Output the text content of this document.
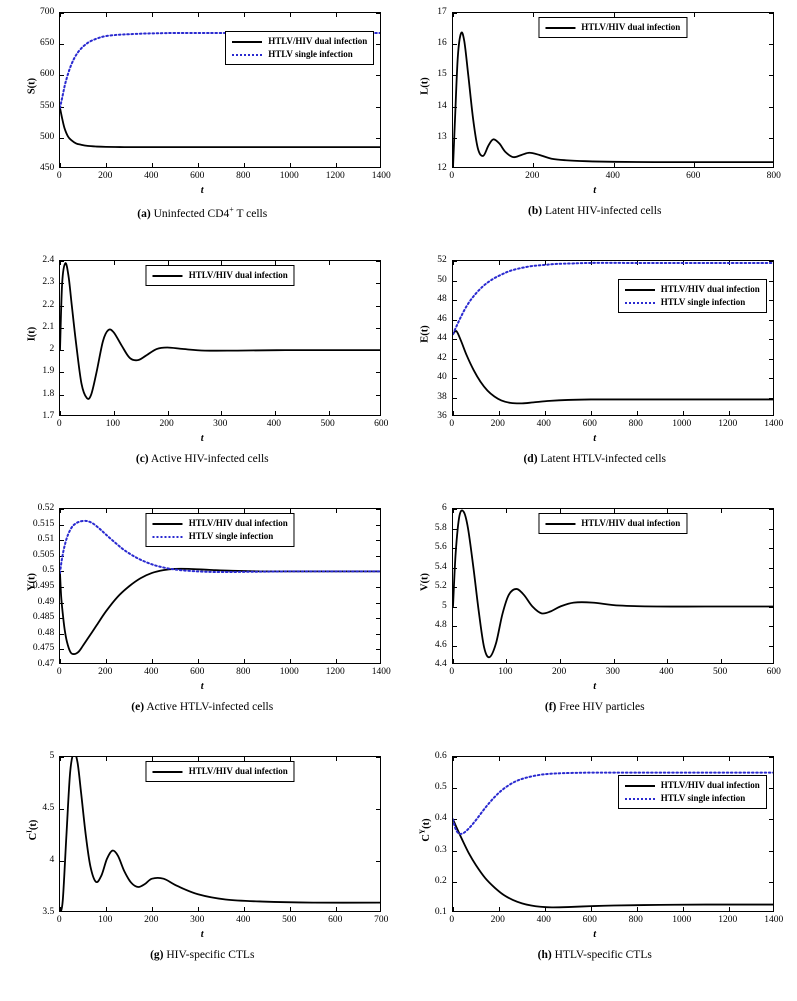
S(t)
t
HTLV/HIV dual infection
HTLV single infection
0	200	400	600	800	1000	1200	1400
450
500
550
600
650
700
(a) Uninfected CD4+ T cells
L(t)
t
HTLV/HIV dual infection
0	200	400	600	800
12
13
14
15
16
17
(b) Latent HIV-infected cells
I(t)
t
HTLV/HIV dual infection
0	100	200	300	400	500	600
1.7
1.8
1.9
2
2.1
2.2
2.3
2.4
(c) Active HIV-infected cells
E(t)
t
HTLV/HIV dual infection
HTLV single infection
0	200	400	600	800	1000	1200	1400
36
38
40
42
44
46
48
50
52
(d) Latent HTLV-infected cells
Y(t)
t
HTLV/HIV dual infection
HTLV single infection
0	200	400	600	800	1000	1200	1400
0.47
0.475
0.48
0.485
0.49
0.495
0.5
0.505
0.51
0.515
0.52
(e) Active HTLV-infected cells
V(t)
t
HTLV/HIV dual infection
0	100	200	300	400	500	600
4.4
4.6
4.8
5
5.2
5.4
5.6
5.8
6
(f) Free HIV particles
$C^I(t)$
t
HTLV/HIV dual infection
0	100	200	300	400	500	600	700
3.5
4
4.5
5
(g) HIV-specific CTLs
$C^Y(t)$
t
HTLV/HIV dual infection
HTLV single infection
0	200	400	600	800	1000	1200	1400
0.1
0.2
0.3
0.4
0.5
0.6
(h) HTLV-specific CTLs
